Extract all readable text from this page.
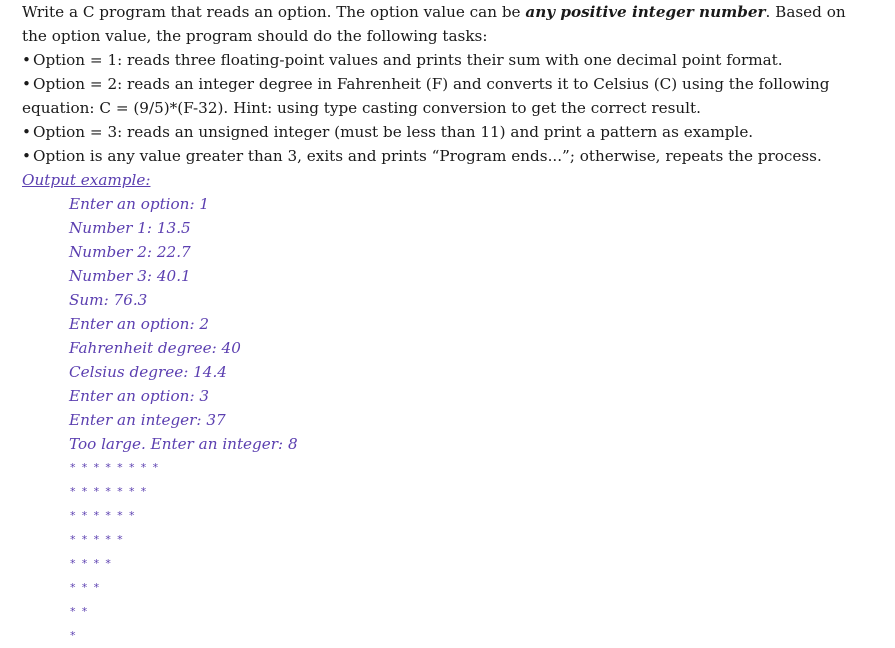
Write a C program that reads an option. The option value can be any positive integer number. Based on

the option value, the program should do the following tasks:

• Option = 1: reads three floating-point values and prints their sum with one decimal point format.

• Option = 2: reads an integer degree in Fahrenheit (F) and converts it to Celsius (C) using the following

equation: C = (9/5)*(F-32). Hint: using type casting conversion to get the correct result.

• Option = 3: reads an unsigned integer (must be less than 11) and print a pattern as example.

• Option is any value greater than 3, exits and prints “Program ends...”; otherwise, repeats the process.

Output example:
Enter an option: 1
Number 1: 13.5
Number 2: 22.7
Number 3: 40.1
Sum: 76.3
Enter an option: 2
Fahrenheit degree: 40
Celsius degree: 14.4
Enter an option: 3
Enter an integer: 37
Too large. Enter an integer: 8
* * * * * * * *
* * * * * * *
* * * * * *
* * * * *
* * * *
* * *
* *
*
